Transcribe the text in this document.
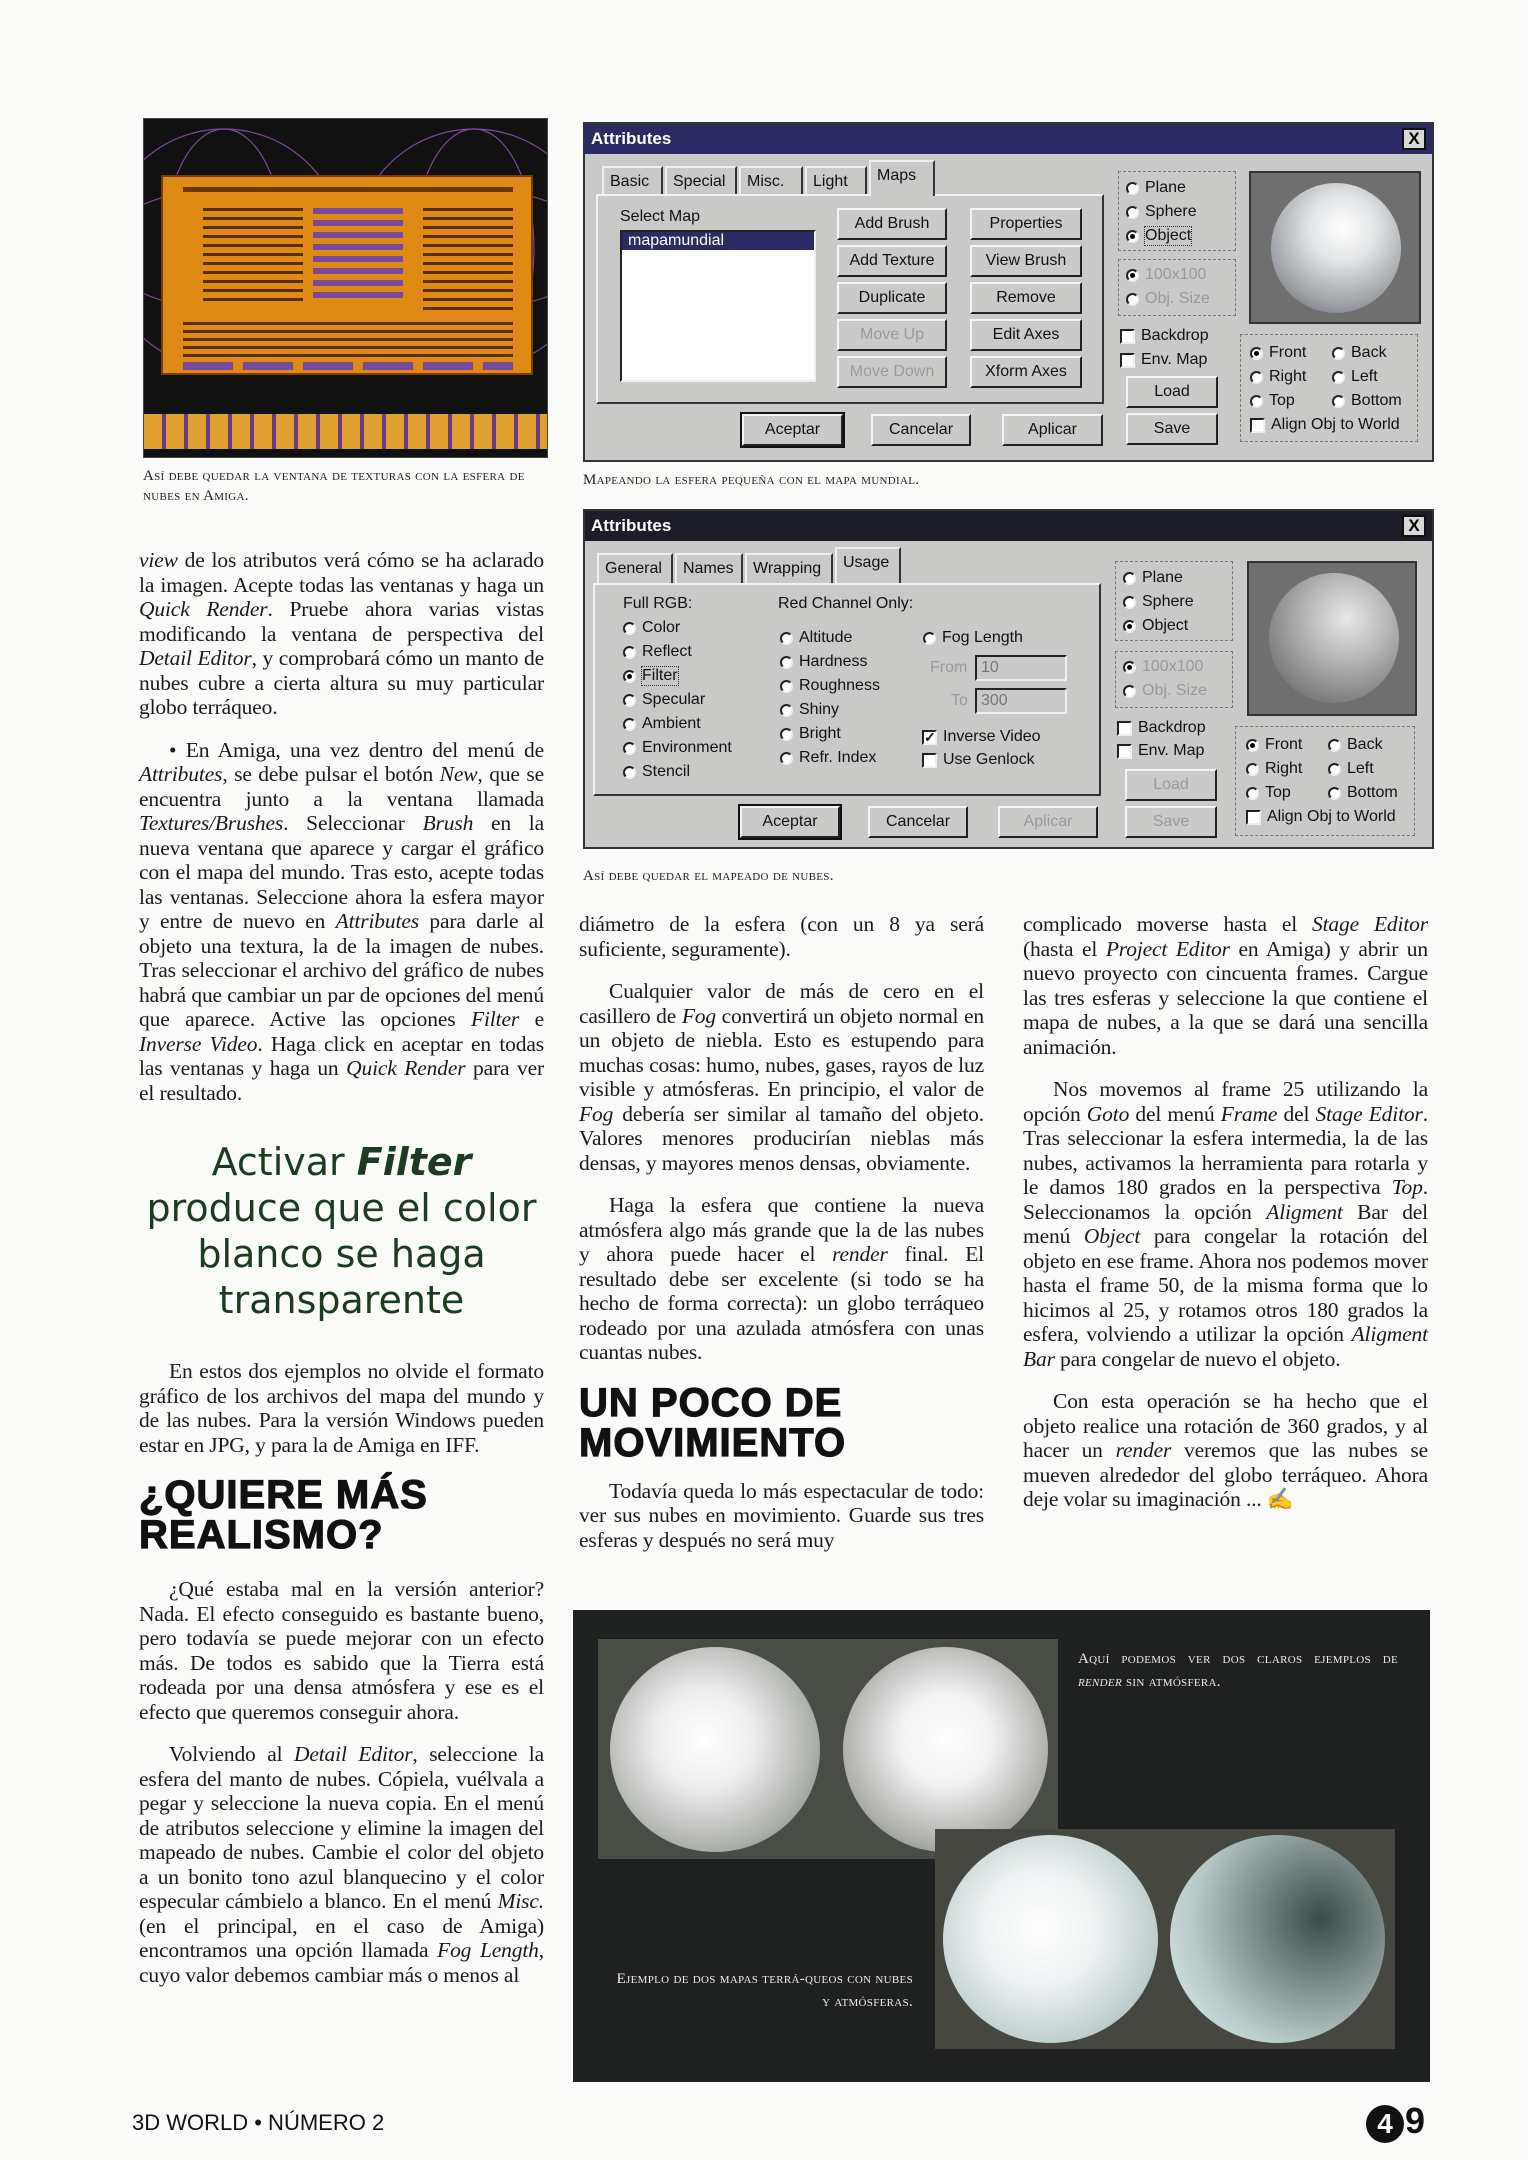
Así debe quedar la ventana de texturas con la esfera de nubes en Amiga.
Attributes	X
Basic	Special	Misc.	Light	Maps
Select Map
mapamundial
Add Brush
Add Texture
Duplicate
Move Up
Move Down
Properties
View Brush
Remove
Edit Axes
Xform Axes
Aceptar	Cancelar	Aplicar
Plane
Sphere
Object
100x100
Obj. Size
Backdrop
Env. Map
Load
Save
Front	Back
Right	Left
Top	Bottom
Align Obj to World
Mapeando la esfera pequeña con el mapa mundial.
Attributes	X
General	Names	Wrapping	Usage
Full RGB:
Color
Reflect
Filter
Specular
Ambient
Environment
Stencil
Red Channel Only:
Altitude
Hardness
Roughness
Shiny
Bright
Refr. Index
Fog Length
From 10
To 300
✓ Inverse Video
Use Genlock
Aceptar	Cancelar	Aplicar
Plane
Sphere
Object
100x100
Obj. Size
Backdrop
Env. Map
Load
Save
Front	Back
Right	Left
Top	Bottom
Align Obj to World
Así debe quedar el mapeado de nubes.

view de los atributos verá cómo se ha aclarado la imagen. Acepte todas las ventanas y haga un Quick Render. Pruebe ahora varias vistas modificando la ventana de perspectiva del Detail Editor, y comprobará cómo un manto de nubes cubre a cierta altura su muy particular globo terráqueo.

• En Amiga, una vez dentro del menú de Attributes, se debe pulsar el botón New, que se encuentra junto a la ventana llamada Textures/Brushes. Seleccionar Brush en la nueva ventana que aparece y cargar el gráfico con el mapa del mundo. Tras esto, acepte todas las ventanas. Seleccione ahora la esfera mayor y entre de nuevo en Attributes para darle al objeto una textura, la de la imagen de nubes. Tras seleccionar el archivo del gráfico de nubes habrá que cambiar un par de opciones del menú que aparece. Active las opciones Filter e Inverse Video. Haga click en aceptar en todas las ventanas y haga un Quick Render para ver el resultado.

Activar Filter produce que el color blanco se haga transparente

En estos dos ejemplos no olvide el formato gráfico de los archivos del mapa del mundo y de las nubes. Para la versión Windows pueden estar en JPG, y para la de Amiga en IFF.

¿QUIERE MÁS REALISMO?

¿Qué estaba mal en la versión anterior? Nada. El efecto conseguido es bastante bueno, pero todavía se puede mejorar con un efecto más. De todos es sabido que la Tierra está rodeada por una densa atmósfera y ese es el efecto que queremos conseguir ahora.

Volviendo al Detail Editor, seleccione la esfera del manto de nubes. Cópiela, vuélvala a pegar y seleccione la nueva copia. En el menú de atributos seleccione y elimine la imagen del mapeado de nubes. Cambie el color del objeto a un bonito tono azul blanquecino y el color especular cámbielo a blanco. En el menú Misc. (en el principal, en el caso de Amiga) encontramos una opción llamada Fog Length, cuyo valor debemos cambiar más o menos al

diámetro de la esfera (con un 8 ya será suficiente, seguramente).

Cualquier valor de más de cero en el casillero de Fog convertirá un objeto normal en un objeto de niebla. Esto es estupendo para muchas cosas: humo, nubes, gases, rayos de luz visible y atmósferas. En principio, el valor de Fog debería ser similar al tamaño del objeto. Valores menores producirían nieblas más densas, y mayores menos densas, obviamente.

Haga la esfera que contiene la nueva atmósfera algo más grande que la de las nubes y ahora puede hacer el render final. El resultado debe ser excelente (si todo se ha hecho de forma correcta): un globo terráqueo rodeado por una azulada atmósfera con unas cuantas nubes.

UN POCO DE MOVIMIENTO

Todavía queda lo más espectacular de todo: ver sus nubes en movimiento. Guarde sus tres esferas y después no será muy

complicado moverse hasta el Stage Editor (hasta el Project Editor en Amiga) y abrir un nuevo proyecto con cincuenta frames. Cargue las tres esferas y seleccione la que contiene el mapa de nubes, a la que se dará una sencilla animación.

Nos movemos al frame 25 utilizando la opción Goto del menú Frame del Stage Editor. Tras seleccionar la esfera intermedia, la de las nubes, activamos la herramienta para rotarla y le damos 180 grados en la perspectiva Top. Seleccionamos la opción Aligment Bar del menú Object para congelar la rotación del objeto en ese frame. Ahora nos podemos mover hasta el frame 50, de la misma forma que lo hicimos al 25, y rotamos otros 180 grados la esfera, volviendo a utilizar la opción Aligment Bar para congelar de nuevo el objeto.

Con esta operación se ha hecho que el objeto realice una rotación de 360 grados, y al hacer un render veremos que las nubes se mueven alrededor del globo terráqueo. Ahora deje volar su imaginación ... ✍

Aquí podemos ver dos claros ejemplos de render sin atmósfera.
Ejemplo de dos mapas terrá-queos con nubes y atmósferas.
3D WORLD • NÚMERO 2	4 9
